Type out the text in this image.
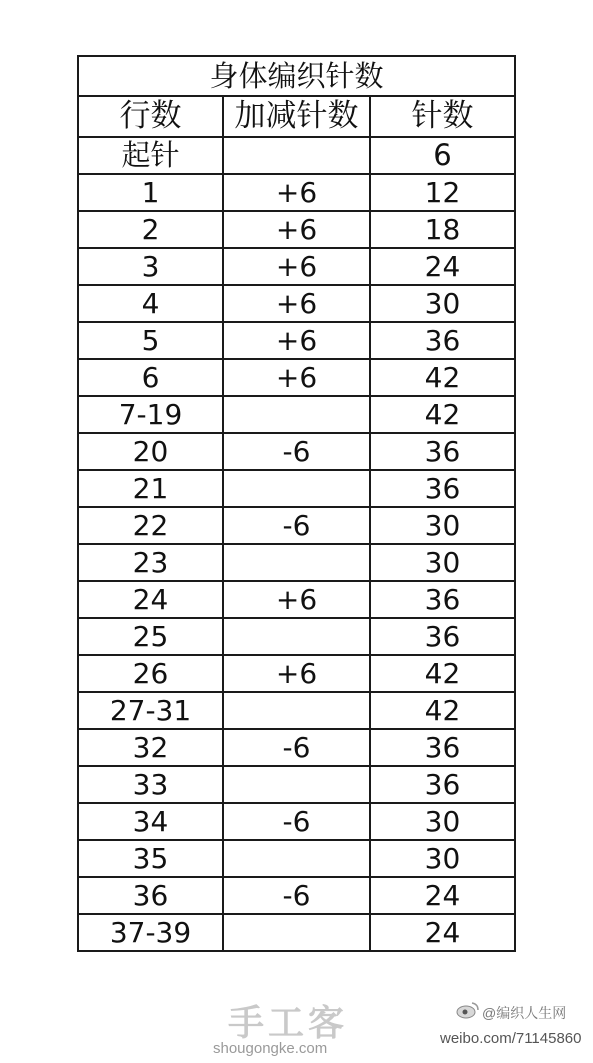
身体编织针数		
行数	加减针数	针数
起针		6
1	+6	12
2	+6	18
3	+6	24
4	+6	30
5	+6	36
6	+6	42
7-19		42
20	-6	36
21		36
22	-6	30
23		30
24	+6	36
25		36
26	+6	42
27-31		42
32	-6	36
33		36
34	-6	30
35		30
36	-6	24
37-39		24
手工客
shougongke.com
@编织人生网
weibo.com/71145860
